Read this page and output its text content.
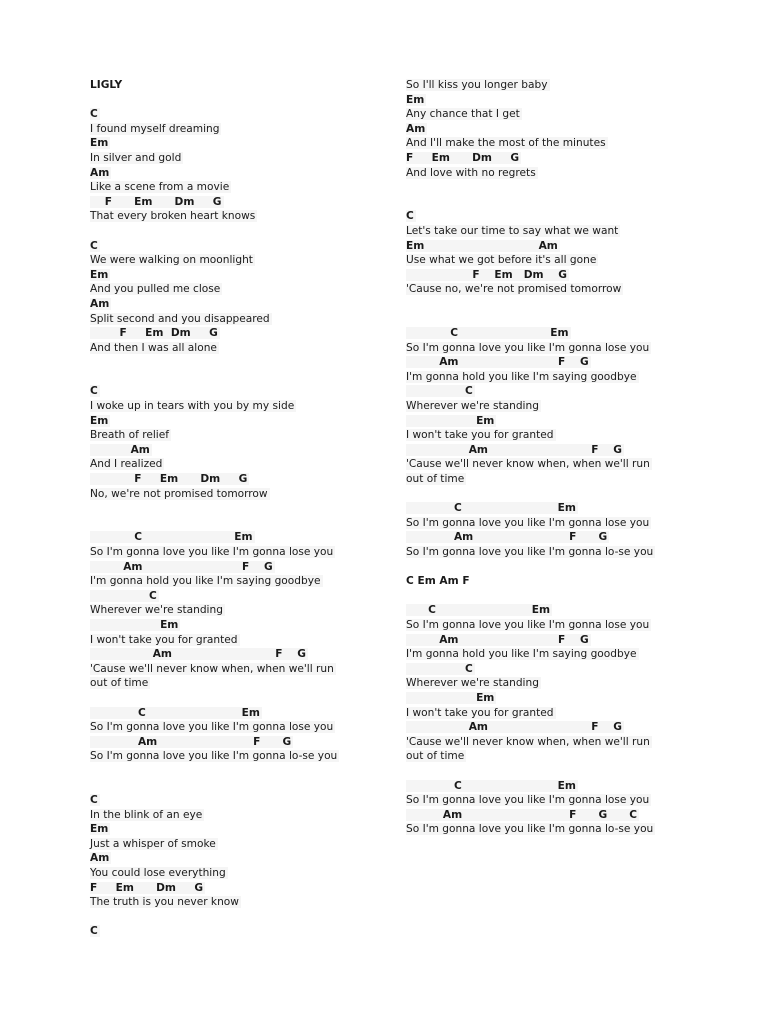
LIGLY
C
I found myself dreaming
Em
In silver and gold
Am
Like a scene from a movie
F      Em      Dm     G
That every broken heart knows
C
We were walking on moonlight
Em
And you pulled me close
Am
Split second and you disappeared
F     Em  Dm     G
And then I was all alone
C
I woke up in tears with you by my side
Em
Breath of relief
Am
And I realized
F     Em      Dm     G
No, we're not promised tomorrow
C                         Em
So I'm gonna love you like I'm gonna lose you
Am                           F    G
I'm gonna hold you like I'm saying goodbye
C
Wherever we're standing
Em
I won't take you for granted
Am                            F    G
'Cause we'll never know when, when we'll run
out of time
C                          Em
So I'm gonna love you like I'm gonna lose you
Am                          F      G
So I'm gonna love you like I'm gonna lo-se you
C
In the blink of an eye
Em
Just a whisper of smoke
Am
You could lose everything
F     Em      Dm     G
The truth is you never know
C
So I'll kiss you longer baby
Em
Any chance that I get
Am
And I'll make the most of the minutes
F     Em      Dm     G
And love with no regrets
C
Let's take our time to say what we want
Em                               Am
Use what we got before it's all gone
F    Em   Dm    G
'Cause no, we're not promised tomorrow
C                         Em
So I'm gonna love you like I'm gonna lose you
Am                           F    G
I'm gonna hold you like I'm saying goodbye
C
Wherever we're standing
Em
I won't take you for granted
Am                            F    G
'Cause we'll never know when, when we'll run
out of time
C                          Em
So I'm gonna love you like I'm gonna lose you
Am                          F      G
So I'm gonna love you like I'm gonna lo-se you
C Em Am F
C                          Em
So I'm gonna love you like I'm gonna lose you
Am                           F    G
I'm gonna hold you like I'm saying goodbye
C
Wherever we're standing
Em
I won't take you for granted
Am                            F    G
'Cause we'll never know when, when we'll run
out of time
C                          Em
So I'm gonna love you like I'm gonna lose you
Am                             F      G      C
So I'm gonna love you like I'm gonna lo-se you
